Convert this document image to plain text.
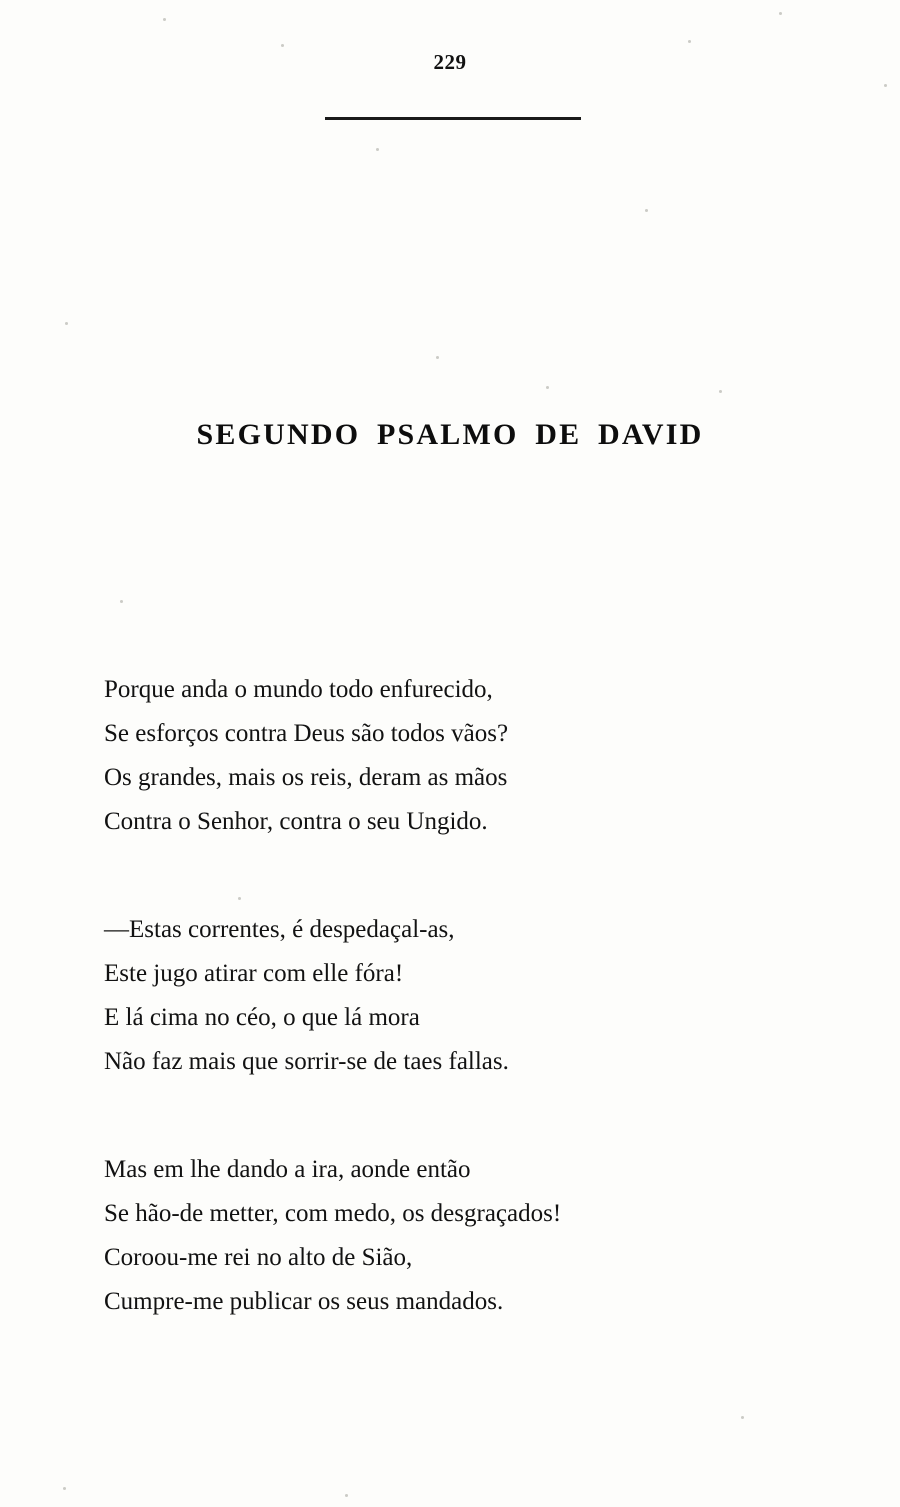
229
SEGUNDO PSALMO DE DAVID
Porque anda o mundo todo enfurecido,
Se esforços contra Deus são todos vãos?
Os grandes, mais os reis, deram as mãos
Contra o Senhor, contra o seu Ungido.
—Estas correntes, é despedaçal-as,
Este jugo atirar com elle fóra!
E lá cima no céo, o que lá mora
Não faz mais que sorrir-se de taes fallas.
Mas em lhe dando a ira, aonde então
Se hão-de metter, com medo, os desgraçados!
Coroou-me rei no alto de Sião,
Cumpre-me publicar os seus mandados.
